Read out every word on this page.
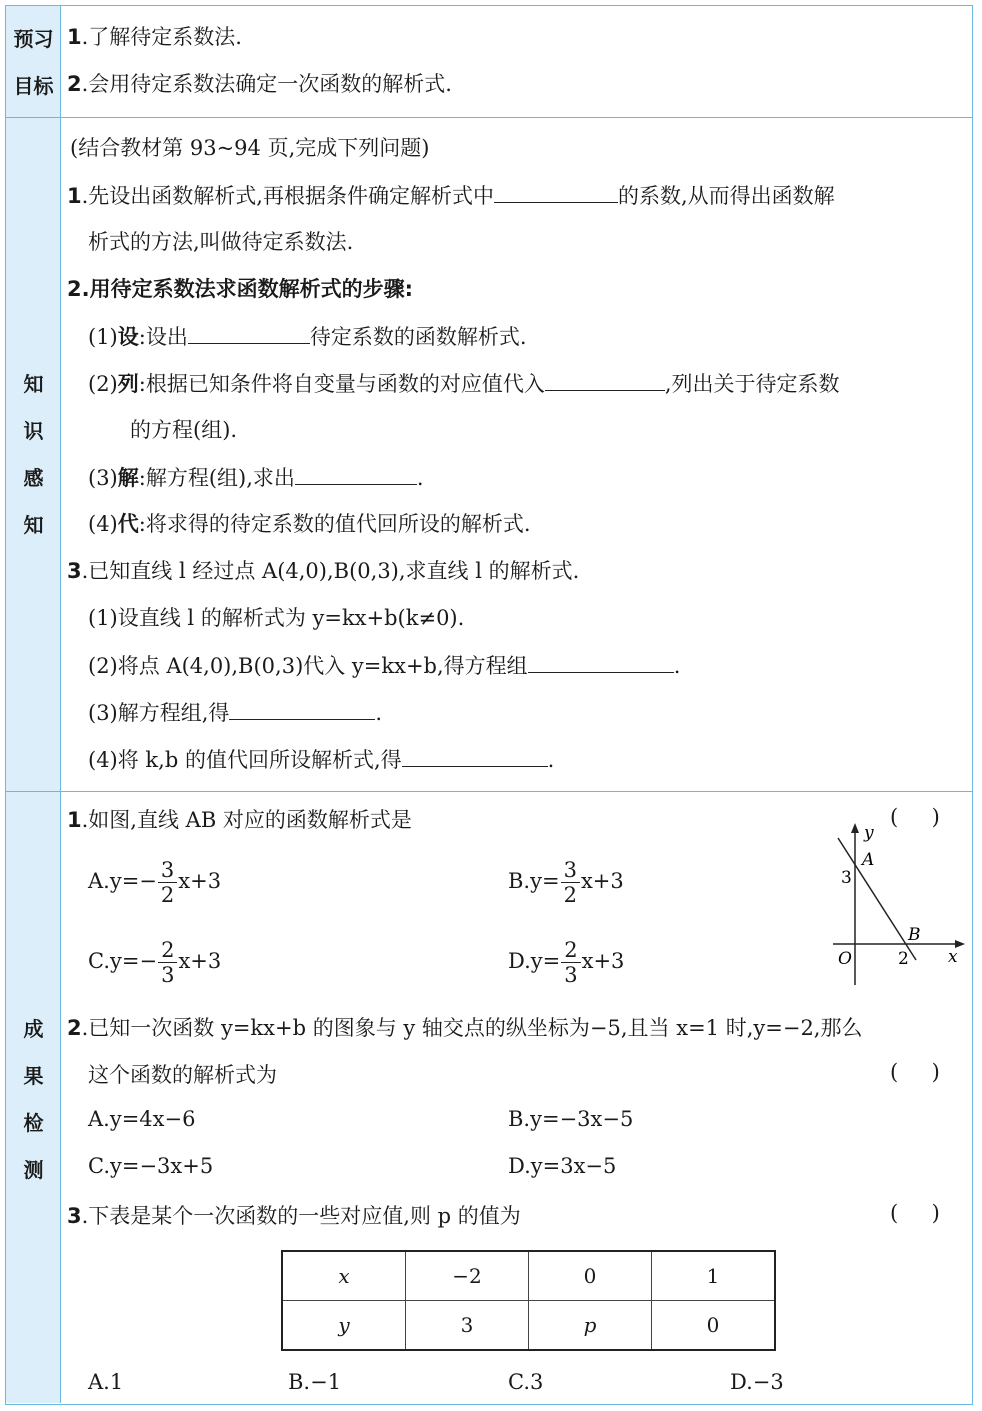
预习
目标
知
识
感
知
成
果
检
测
1.了解待定系数法.
2.会用待定系数法确定一次函数的解析式.
(结合教材第 93~94 页,完成下列问题)
1.先设出函数解析式,再根据条件确定解析式中	的系数,从而得出函数解
析式的方法,叫做待定系数法.
2.用待定系数法求函数解析式的步骤:
(1)设:设出	待定系数的函数解析式.
(2)列:根据已知条件将自变量与函数的对应值代入	,列出关于待定系数
的方程(组).
(3)解:解方程(组),求出	.
(4)代:将求得的待定系数的值代回所设的解析式.
3.已知直线 l 经过点 A(4,0),B(0,3),求直线 l 的解析式.
(1)设直线 l 的解析式为 y=kx+b(k≠0).
(2)将点 A(4,0),B(0,3)代入 y=kx+b,得方程组	.
(3)解方程组,得	.
(4)将 k,b 的值代回所设解析式,得	.
1.如图,直线 AB 对应的函数解析式是	(     )
$A.y=- \frac{3}{2} x+3$	$B.y= \frac{3}{2} x+3$
$C.y=- \frac{2}{3} x+3$	$D.y= \frac{2}{3} x+3$
y
x
O
A
B
3
2
2.已知一次函数 y=kx+b 的图象与 y 轴交点的纵坐标为−5,且当 x=1 时,y=−2,那么
这个函数的解析式为	(     )
A.y=4x−6	B.y=−3x−5
C.y=−3x+5	D.y=3x−5
3.下表是某个一次函数的一些对应值,则 p 的值为	(     )
x	−2	0	1
y	3	p	0
A.1	B.−1	C.3	D.−3
